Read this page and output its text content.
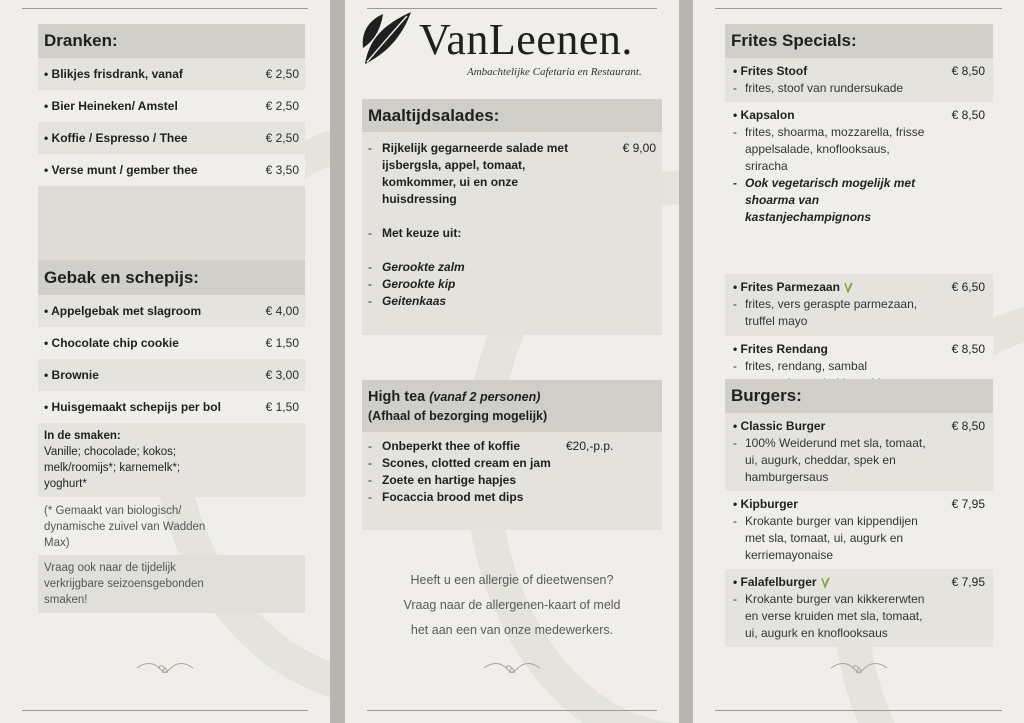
Dranken:
• Blikjes frisdrank, vanaf	€ 2,50
• Bier Heineken/ Amstel	€ 2,50
• Koffie / Espresso / Thee	€ 2,50
• Verse munt / gember thee	€ 3,50
Gebak en schepijs:
• Appelgebak met slagroom	€ 4,00
• Chocolate chip cookie	€ 1,50
• Brownie	€ 3,00
• Huisgemaakt schepijs per bol	€ 1,50
In de smaken:
Vanille; chocolade; kokos;
melk/roomijs*; karnemelk*;
yoghurt*
(* Gemaakt van biologisch/
dynamische zuivel van Wadden
Max)
Vraag ook naar de tijdelijk
verkrijgbare seizoensgebonden
smaken!
VanLeenen.
Ambachtelijke Cafetaria en Restaurant.
Maaltijdsalades:
- Rijkelijk gegarneerde salade met
ijsbergsla, appel, tomaat,
komkommer, ui en onze
huisdressing
€ 9,00
- Met keuze uit:
- Gerookte zalm
- Gerookte kip
- Geitenkaas
High tea (vanaf 2 personen)
(Afhaal of bezorging mogelijk)
- Onbeperkt thee of koffie
- Scones, clotted cream en jam
- Zoete en hartige hapjes
- Focaccia brood met dips
€20,-p.p.
Heeft u een allergie of dieetwensen?
Vraag naar de allergenen-kaart of meld
het aan een van onze medewerkers.
Frites Specials:
• Frites Stoof
- frites, stoof van rundersukade
€ 8,50
• Kapsalon
- frites, shoarma, mozzarella, frisse
appelsalade, knoflooksaus,
sriracha
- Ook vegetarisch mogelijk met
shoarma van
kastanjechampignons
€ 8,50
• Frites Parmezaan
- frites, vers geraspte parmezaan,
truffel mayo
€ 6,50
• Frites Rendang
- frites, rendang, sambal
€ 8,50
Burgers:
• Classic Burger
- 100% Weiderund met sla, tomaat,
ui, augurk, cheddar, spek en
hamburgersaus
€ 8,50
• Kipburger
- Krokante burger van kippendijen
met sla, tomaat, ui, augurk en
kerriemayonaise
€ 7,95
• Falafelburger
- Krokante burger van kikkererwten
en verse kruiden met sla, tomaat,
ui, augurk en knoflooksaus
€ 7,95
